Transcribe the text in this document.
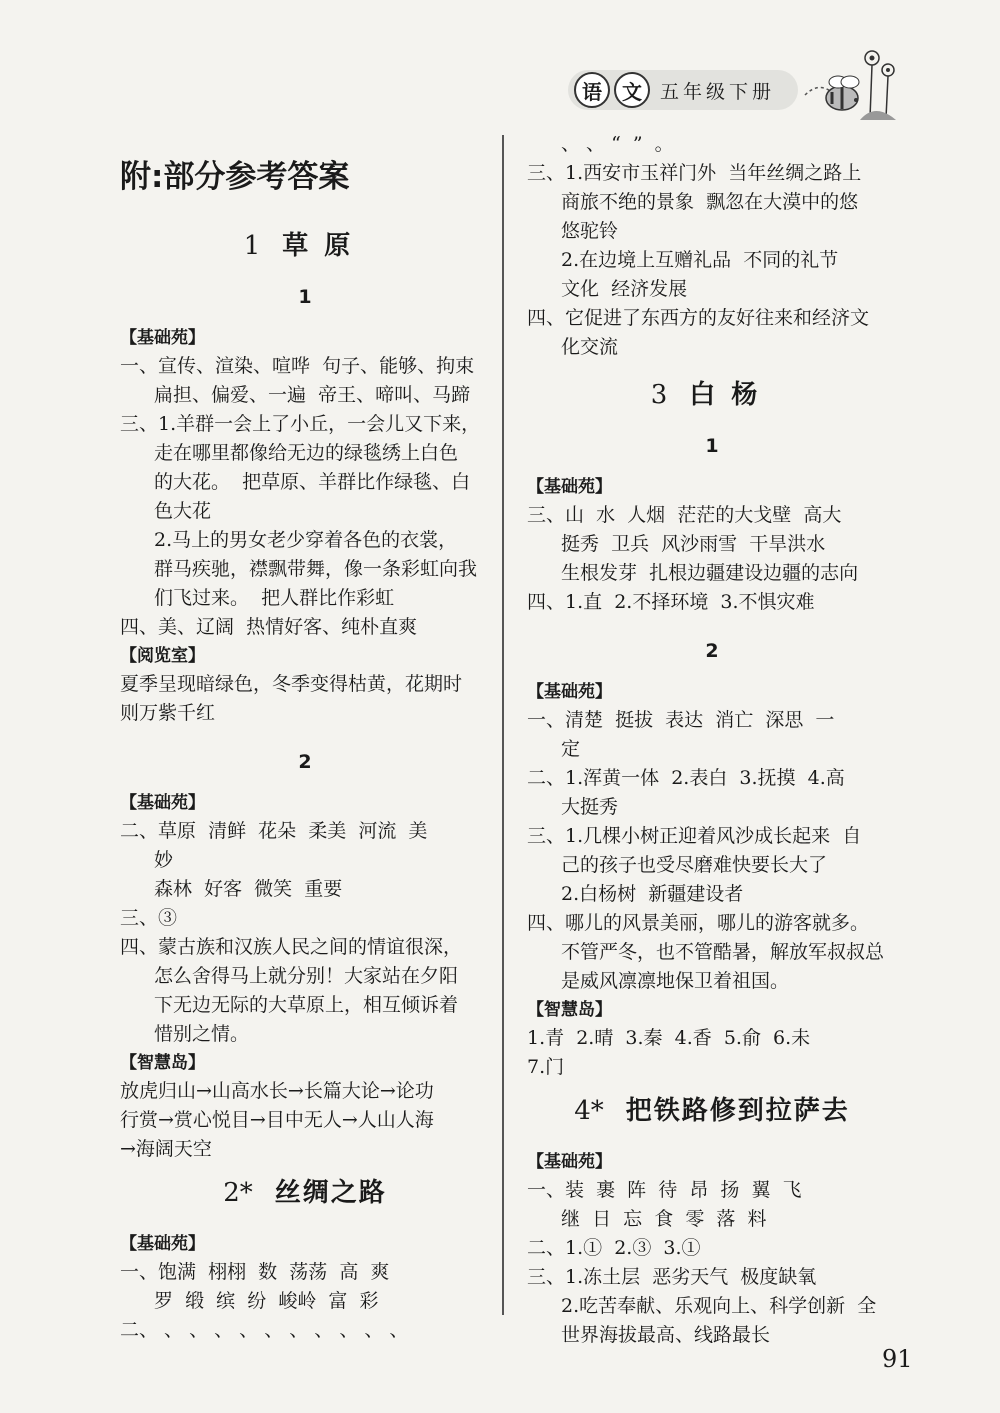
语	文 五年级下册
附:部分参考答案
1 草原
1
【基础苑】
一、宣传、渲染、喧哗  句子、能够、拘束
扁担、偏爱、一遍  帝王、啼叫、马蹄
三、1.羊群一会上了小丘，一会儿又下来，
走在哪里都像给无边的绿毯绣上白色
的大花。  把草原、羊群比作绿毯、白
色大花
2.马上的男女老少穿着各色的衣裳，
群马疾驰，襟飘带舞，像一条彩虹向我
们飞过来。  把人群比作彩虹
四、美、辽阔  热情好客、纯朴直爽
【阅览室】
夏季呈现暗绿色，冬季变得枯黄，花期时
则万紫千红
2
【基础苑】
二、草原  清鲜  花朵  柔美  河流  美
妙
森林  好客  微笑  重要
三、③
四、蒙古族和汉族人民之间的情谊很深，
怎么舍得马上就分别！大家站在夕阳
下无边无际的大草原上，相互倾诉着
惜别之情。
【智慧岛】
放虎归山→山高水长→长篇大论→论功
行赏→赏心悦目→目中无人→人山人海
→海阔天空
2* 丝绸之路
【基础苑】
一、饱满  栩栩  数  荡荡  高  爽
罗  缎  缤  纷  峻岭  富  彩
二、 、 、 、 、 、 、 、 、 、 、
、 、 “  ”  。
三、1.西安市玉祥门外  当年丝绸之路上
商旅不绝的景象  飘忽在大漠中的悠
悠驼铃
2.在边境上互赠礼品  不同的礼节
文化  经济发展
四、它促进了东西方的友好往来和经济文
化交流
3 白杨
1
【基础苑】
三、山  水  人烟  茫茫的大戈壁  高大
挺秀  卫兵  风沙雨雪  干旱洪水
生根发芽  扎根边疆建设边疆的志向
四、1.直  2.不择环境  3.不惧灾难
2
【基础苑】
一、清楚  挺拔  表达  消亡  深思  一
定
二、1.浑黄一体  2.表白  3.抚摸  4.高
大挺秀
三、1.几棵小树正迎着风沙成长起来  自
己的孩子也受尽磨难快要长大了
2.白杨树  新疆建设者
四、哪儿的风景美丽，哪儿的游客就多。
不管严冬，也不管酷暑，解放军叔叔总
是威风凛凛地保卫着祖国。
【智慧岛】
1.青  2.晴  3.秦  4.香  5.俞  6.未
7.门
4* 把铁路修到拉萨去
【基础苑】
一、装  裹  阵  待  昂  扬  翼  飞
继  日  忘  食  零  落  料
二、1.①  2.③  3.①
三、1.冻土层  恶劣天气  极度缺氧
2.吃苦奉献、乐观向上、科学创新  全
世界海拔最高、线路最长
91
